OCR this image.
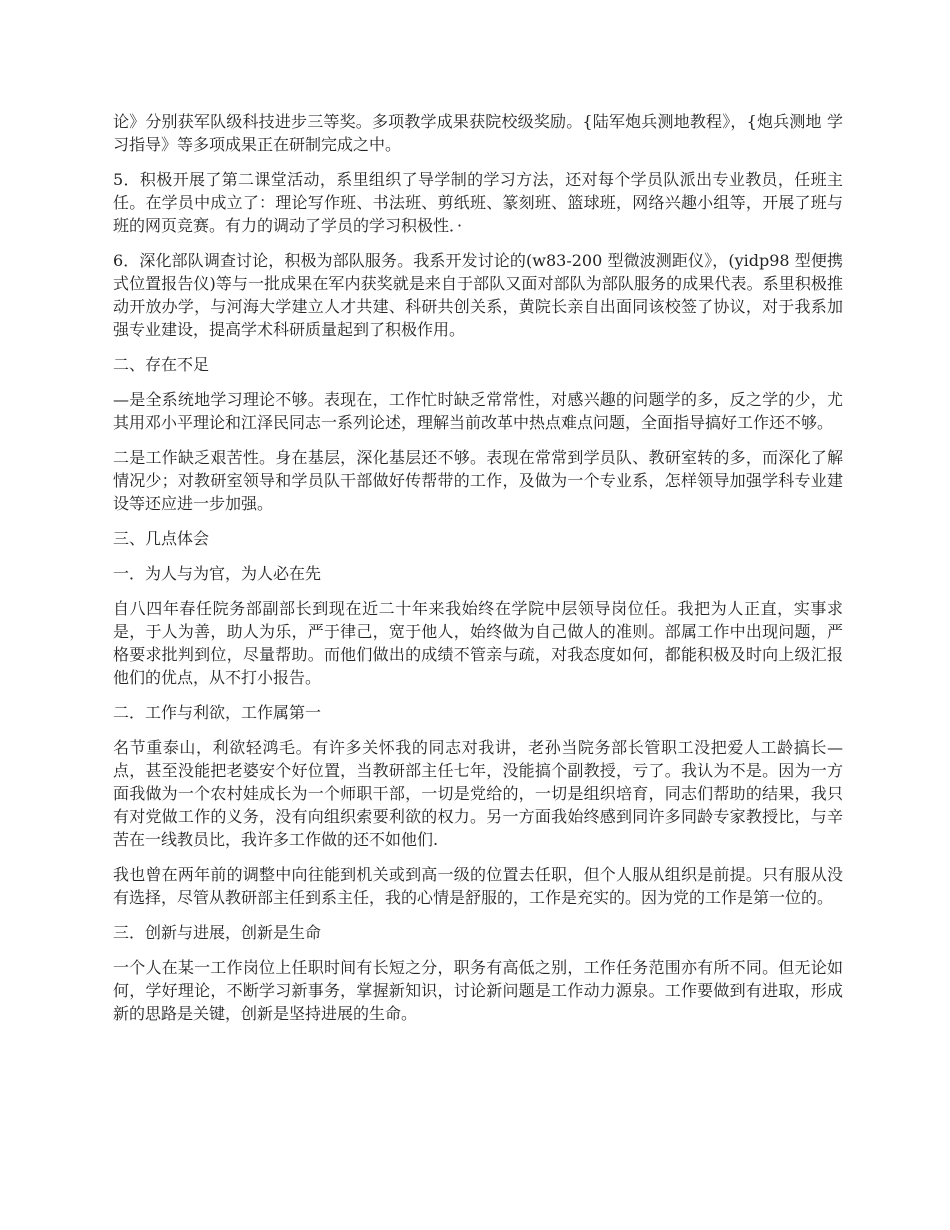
论》分别获军队级科技进步三等奖。多项教学成果获院校级奖励。{陆军炮兵测地教程》，{炮兵测地 学习指导》等多项成果正在研制完成之中。

5．积极开展了第二课堂活动，系里组织了导学制的学习方法，还对每个学员队派出专业教员，任班主任。在学员中成立了：理论写作班、书法班、剪纸班、篆刻班、篮球班，网络兴趣小组等，开展了班与班的网页竞赛。有力的调动了学员的学习积极性．·

6．深化部队调查讨论，积极为部队服务。我系开发讨论的(w83-200 型微波测距仪》，(yidp98 型便携式位置报告仪)等与一批成果在军内获奖就是来自于部队又面对部队为部队服务的成果代表。系里积极推动开放办学，与河海大学建立人才共建、科研共创关系，黄院长亲自出面同该校签了协议，对于我系加强专业建设，提高学术科研质量起到了积极作用。

二、存在不足

—是全系统地学习理论不够。表现在，工作忙时缺乏常常性，对感兴趣的问题学的多，反之学的少，尤其用邓小平理论和江泽民同志一系列论述，理解当前改革中热点难点问题，全面指导搞好工作还不够。

二是工作缺乏艰苦性。身在基层，深化基层还不够。表现在常常到学员队、教研室转的多，而深化了解情况少；对教研室领导和学员队干部做好传帮带的工作，及做为一个专业系，怎样领导加强学科专业建设等还应进一步加强。

三、几点体会

一．为人与为官，为人必在先

自八四年春任院务部副部长到现在近二十年来我始终在学院中层领导岗位任。我把为人正直，实事求是，于人为善，助人为乐，严于律己，宽于他人，始终做为自己做人的准则。部属工作中出现问题，严格要求批判到位，尽量帮助。而他们做出的成绩不管亲与疏，对我态度如何，都能积极及时向上级汇报他们的优点，从不打小报告。

二．工作与利欲，工作属第一

名节重泰山，利欲轻鸿毛。有许多关怀我的同志对我讲，老孙当院务部长管职工没把爱人工龄搞长—点，甚至没能把老婆安个好位置，当教研部主任七年，没能搞个副教授，亏了。我认为不是。因为一方面我做为一个农村娃成长为一个师职干部，一切是党给的，一切是组织培育，同志们帮助的结果，我只有对党做工作的义务，没有向组织索要利欲的权力。另一方面我始终感到同许多同龄专家教授比，与辛苦在一线教员比，我许多工作做的还不如他们.

我也曾在两年前的调整中向往能到机关或到高一级的位置去任职，但个人服从组织是前提。只有服从没有选择，尽管从教研部主任到系主任，我的心情是舒服的，工作是充实的。因为党的工作是第一位的。

三．创新与进展，创新是生命

一个人在某一工作岗位上任职时间有长短之分，职务有高低之别，工作任务范围亦有所不同。但无论如何，学好理论，不断学习新事务，掌握新知识，讨论新问题是工作动力源泉。工作要做到有进取，形成新的思路是关键，创新是坚持进展的生命。
